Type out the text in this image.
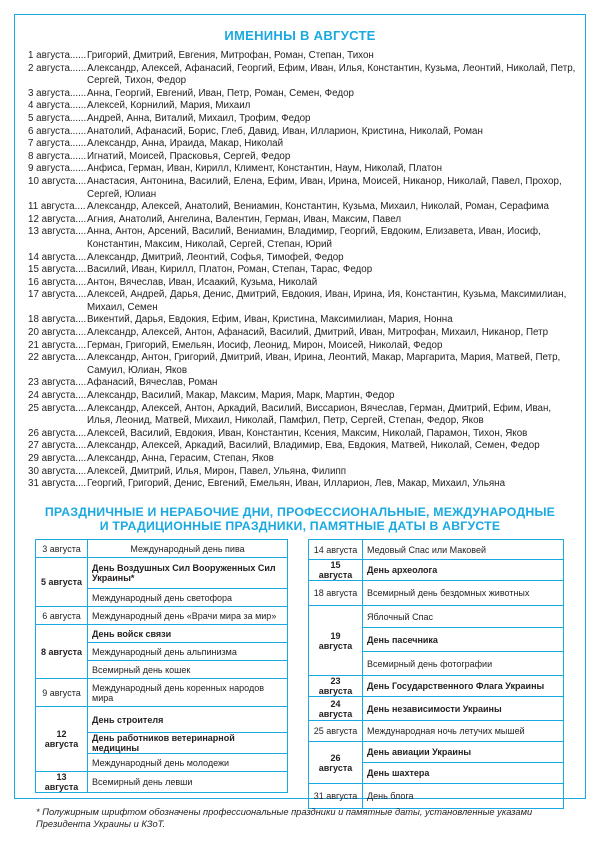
ИМЕНИНЫ В АВГУСТЕ
1 августа...... Григорий, Дмитрий, Евгения, Митрофан, Роман, Степан, Тихон
2 августа...... Александр, Алексей, Афанасий, Георгий, Ефим, Иван, Илья, Константин, Кузьма, Леонтий, Николай, Петр, Сергей, Тихон, Федор
3 августа...... Анна, Георгий, Евгений, Иван, Петр, Роман, Семен, Федор
4 августа...... Алексей, Корнилий, Мария, Михаил
5 августа...... Андрей, Анна, Виталий, Михаил, Трофим, Федор
6 августа...... Анатолий, Афанасий, Борис, Глеб, Давид, Иван, Илларион, Кристина, Николай, Роман
7 августа...... Александр, Анна, Ираида, Макар, Николай
8 августа...... Игнатий, Моисей, Прасковья, Сергей, Федор
9 августа...... Анфиса, Герман, Иван, Кирилл, Климент, Константин, Наум, Николай, Платон
10 августа.... Анастасия, Антонина, Василий, Елена, Ефим, Иван, Ирина, Моисей, Никанор, Николай, Павел, Прохор, Сергей, Юлиан
11 августа.... Александр, Алексей, Анатолий, Вениамин, Константин, Кузьма, Михаил, Николай, Роман, Серафима
12 августа.... Агния, Анатолий, Ангелина, Валентин, Герман, Иван, Максим, Павел
13 августа.... Анна, Антон, Арсений, Василий, Вениамин, Владимир, Георгий, Евдоким, Елизавета, Иван, Иосиф, Константин, Максим, Николай, Сергей, Степан, Юрий
14 августа.... Александр, Дмитрий, Леонтий, Софья, Тимофей, Федор
15 августа.... Василий, Иван, Кирилл, Платон, Роман, Степан, Тарас, Федор
16 августа.... Антон, Вячеслав, Иван, Исаакий, Кузьма, Николай
17 августа.... Алексей, Андрей, Дарья, Денис, Дмитрий, Евдокия, Иван, Ирина, Ия, Константин, Кузьма, Максимилиан, Михаил, Семен
18 августа.... Викентий, Дарья, Евдокия, Ефим, Иван, Кристина, Максимилиан, Мария, Нонна
20 августа.... Александр, Алексей, Антон, Афанасий, Василий, Дмитрий, Иван, Митрофан, Михаил, Никанор, Петр
21 августа.... Герман, Григорий, Емельян, Иосиф, Леонид, Мирон, Моисей, Николай, Федор
22 августа.... Александр, Антон, Григорий, Дмитрий, Иван, Ирина, Леонтий, Макар, Маргарита, Мария, Матвей, Петр, Самуил, Юлиан, Яков
23 августа.... Афанасий, Вячеслав, Роман
24 августа.... Александр, Василий, Макар, Максим, Мария, Марк, Мартин, Федор
25 августа.... Александр, Алексей, Антон, Аркадий, Василий, Виссарион, Вячеслав, Герман, Дмитрий, Ефим, Иван, Илья, Леонид, Матвей, Михаил, Николай, Памфил, Петр, Сергей, Степан, Федор, Яков
26 августа.... Алексей, Василий, Евдокия, Иван, Константин, Ксения, Максим, Николай, Парамон, Тихон, Яков
27 августа.... Александр, Алексей, Аркадий, Василий, Владимир, Ева, Евдокия, Матвей, Николай, Семен, Федор
29 августа.... Александр, Анна, Герасим, Степан, Яков
30 августа.... Алексей, Дмитрий, Илья, Мирон, Павел, Ульяна, Филипп
31 августа.... Георгий, Григорий, Денис, Евгений, Емельян, Иван, Илларион, Лев, Макар, Михаил, Ульяна
ПРАЗДНИЧНЫЕ И НЕРАБОЧИЕ ДНИ, ПРОФЕССИОНАЛЬНЫЕ, МЕЖДУНАРОДНЫЕ
И ТРАДИЦИОННЫЕ ПРАЗДНИКИ, ПАМЯТНЫЕ ДАТЫ В АВГУСТЕ
3 августа	Международный день пива
5 августа	День Воздушных Сил Вооруженных Сил Украины*
	Международный день светофора
6 августа	Международный день «Врачи мира за мир»
8 августа	День войск связи
	Международный день альпинизма
	Всемирный день кошек
9 августа	Международный день коренных народов мира
12 августа	День строителя
	День работников ветеринарной медицины
	Международный день молодежи
13 августа	Всемирный день левши
14 августа	Медовый Спас или Маковей
15 августа	День археолога
18 августа	Всемирный день бездомных животных
19 августа	Яблочный Спас
	День пасечника
	Всемирный день фотографии
23 августа	День Государственного Флага Украины
24 августа	День независимости Украины
25 августа	Международная ночь летучих мышей
26 августа	День авиации Украины
	День шахтера
31 августа	День блога
* Полужирным шрифтом обозначены профессиональные праздники и памятные даты, установленные указами Президента Украины и КЗоТ.
